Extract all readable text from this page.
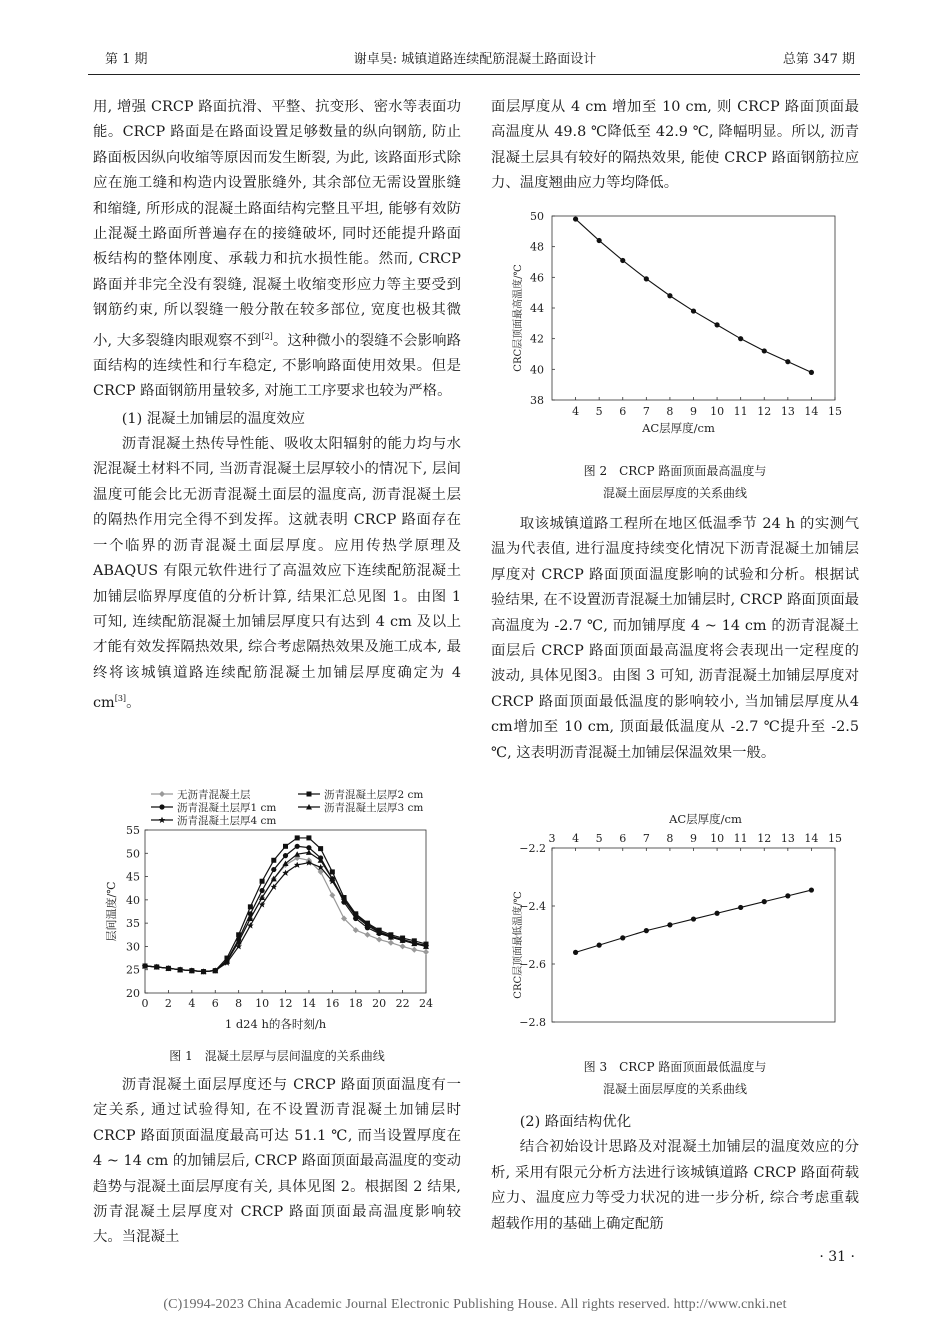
第 1 期	谢卓昊: 城镇道路连续配筋混凝土路面设计	总第 347 期

用, 增强 CRCP 路面抗滑、平整、抗变形、密水等表面功能。CRCP 路面是在路面设置足够数量的纵向钢筋, 防止路面板因纵向收缩等原因而发生断裂, 为此, 该路面形式除应在施工缝和构造内设置胀缝外, 其余部位无需设置胀缝和缩缝, 所形成的混凝土路面结构完整且平坦, 能够有效防止混凝土路面所普遍存在的接缝破坏, 同时还能提升路面板结构的整体刚度、承载力和抗水损性能。然而, CRCP 路面并非完全没有裂缝, 混凝土收缩变形应力等主要受到钢筋约束, 所以裂缝一般分散在较多部位, 宽度也极其微小, 大多裂缝肉眼观察不到[2]。这种微小的裂缝不会影响路面结构的连续性和行车稳定, 不影响路面使用效果。但是 CRCP 路面钢筋用量较多, 对施工工序要求也较为严格。

(1) 混凝土加铺层的温度效应

沥青混凝土热传导性能、吸收太阳辐射的能力均与水泥混凝土材料不同, 当沥青混凝土层厚较小的情况下, 层间温度可能会比无沥青混凝土面层的温度高, 沥青混凝土层的隔热作用完全得不到发挥。这就表明 CRCP 路面存在一个临界的沥青混凝土面层厚度。应用传热学原理及 ABAQUS 有限元软件进行了高温效应下连续配筋混凝土加铺层临界厚度值的分析计算, 结果汇总见图 1。由图 1 可知, 连续配筋混凝土加铺层厚度只有达到 4 cm 及以上才能有效发挥隔热效果, 综合考虑隔热效果及施工成本, 最终将该城镇道路连续配筋混凝土加铺层厚度确定为 4 cm[3]。

20
25
30
35
40
45
50
55
0 2 4 6 8 10 12 14 16 18 20 22 24
1 d24 h的各时刻/h
层间温度/℃
无沥青混凝土层	沥青混凝土层厚2 cm
沥青混凝土层厚1 cm	沥青混凝土层厚3 cm
沥青混凝土层厚4 cm
图 1　混凝土层厚与层间温度的关系曲线

沥青混凝土面层厚度还与 CRCP 路面顶面温度有一定关系, 通过试验得知, 在不设置沥青混凝土加铺层时 CRCP 路面顶面温度最高可达 51.1 ℃, 而当设置厚度在 4 ~ 14 cm 的加铺层后, CRCP 路面顶面最高温度的变动趋势与混凝土面层厚度有关, 具体见图 2。根据图 2 结果, 沥青混凝土层厚度对 CRCP 路面顶面最高温度影响较大。当混凝土

面层厚度从 4 cm 增加至 10 cm, 则 CRCP 路面顶面最高温度从 49.8 ℃降低至 42.9 ℃, 降幅明显。所以, 沥青混凝土层具有较好的隔热效果, 能使 CRCP 路面钢筋拉应力、温度翘曲应力等均降低。

38
40
42
44
46
48
50
4 5 6 7 8 9 10 11 12 13 14 15
AC层厚度/cm
CRC层顶面最高温度/℃
图 2　CRCP 路面顶面最高温度与
混凝土面层厚度的关系曲线

取该城镇道路工程所在地区低温季节 24 h 的实测气温为代表值, 进行温度持续变化情况下沥青混凝土加铺层厚度对 CRCP 路面顶面温度影响的试验和分析。根据试验结果, 在不设置沥青混凝土加铺层时, CRCP 路面顶面最高温度为 -2.7 ℃, 而加铺厚度 4 ~ 14 cm 的沥青混凝土面层后 CRCP 路面顶面最高温度将会表现出一定程度的波动, 具体见图3。由图 3 可知, 沥青混凝土加铺层厚度对 CRCP 路面顶面最低温度的影响较小, 当加铺层厚度从4 cm增加至 10 cm, 顶面最低温度从 -2.7 ℃提升至 -2.5 ℃, 这表明沥青混凝土加铺层保温效果一般。

AC层厚度/cm
3 4 5 6 7 8 9 10 11 12 13 14 15
−2.2
−2.4
−2.6
−2.8
CRC层顶面最低温度/℃
图 3　CRCP 路面顶面最低温度与
混凝土面层厚度的关系曲线

(2) 路面结构优化

结合初始设计思路及对混凝土加铺层的温度效应的分析, 采用有限元分析方法进行该城镇道路 CRCP 路面荷载应力、温度应力等受力状况的进一步分析, 综合考虑重载超载作用的基础上确定配筋

· 31 ·
(C)1994-2023 China Academic Journal Electronic Publishing House. All rights reserved. http://www.cnki.net
